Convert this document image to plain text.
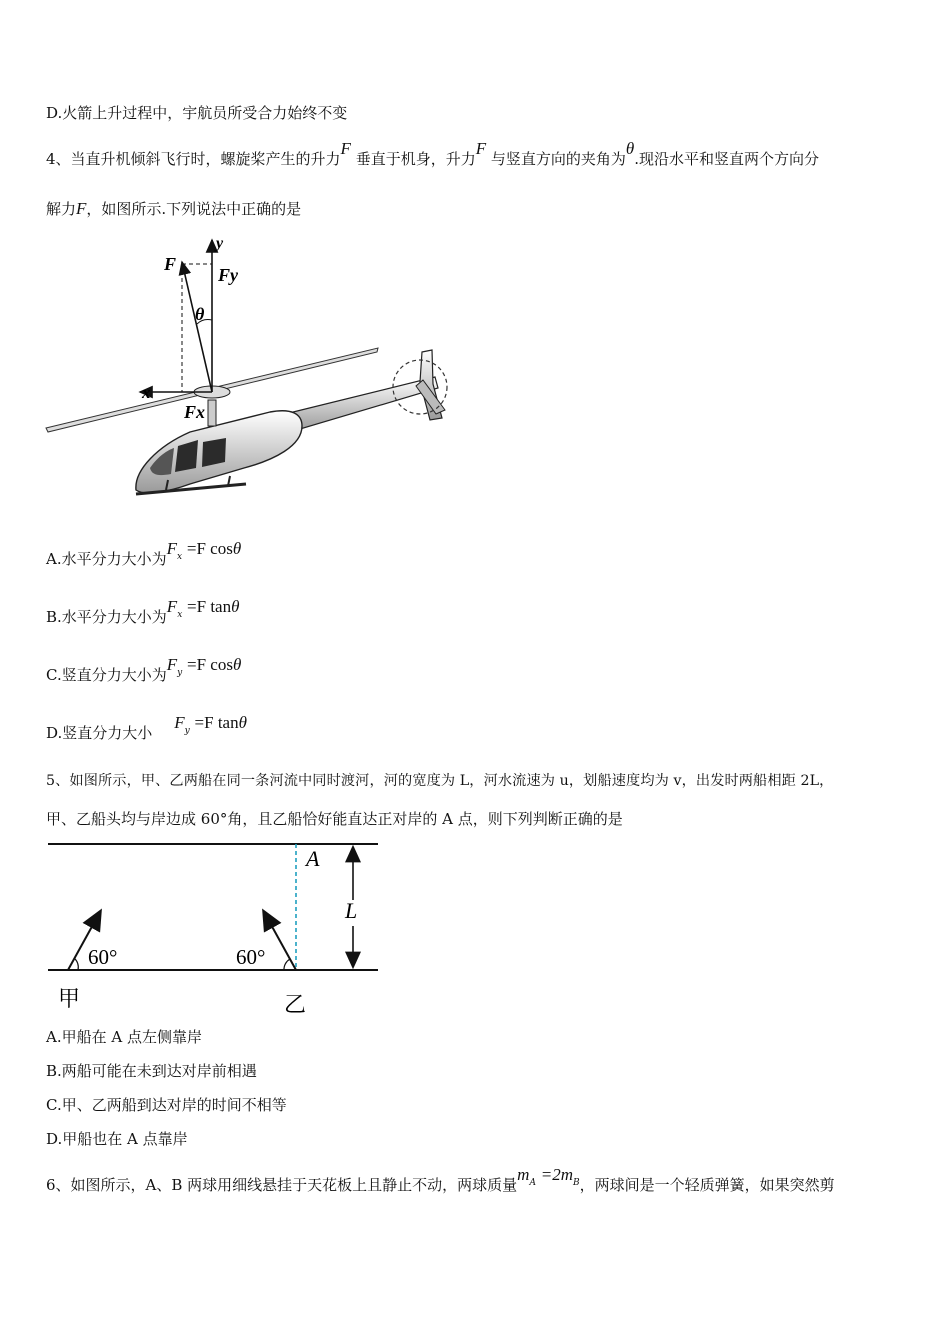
D.火箭上升过程中，宇航员所受合力始终不变
4、当直升机倾斜飞行时，螺旋桨产生的升力F 垂直于机身，升力F 与竖直方向的夹角为θ.现沿水平和竖直两个方向分
解力F，如图所示.下列说法中正确的是
F
Fy
y
x
Fx
θ
A.水平分力大小为$F_x =F$ cosθ
B.水平分力大小为$F_x =F$ tanθ
C.竖直分力大小为$F_y =F$ cosθ
D.竖直分力大小$F_y =F$ tanθ
5、如图所示，甲、乙两船在同一条河流中同时渡河，河的宽度为 L，河水流速为 u，划船速度均为 v，出发时两船相距 2L，
甲、乙船头均与岸边成 60°角，且乙船恰好能直达正对岸的 A 点，则下列判断正确的是
A
L
60°	60°
甲	乙
A.甲船在 A 点左侧靠岸
B.两船可能在未到达对岸前相遇
C.甲、乙两船到达对岸的时间不相等
D.甲船也在 A 点靠岸
6、如图所示，A、B 两球用细线悬挂于天花板上且静止不动，两球质量$m_A =2m_B$，两球间是一个轻质弹簧，如果突然剪
